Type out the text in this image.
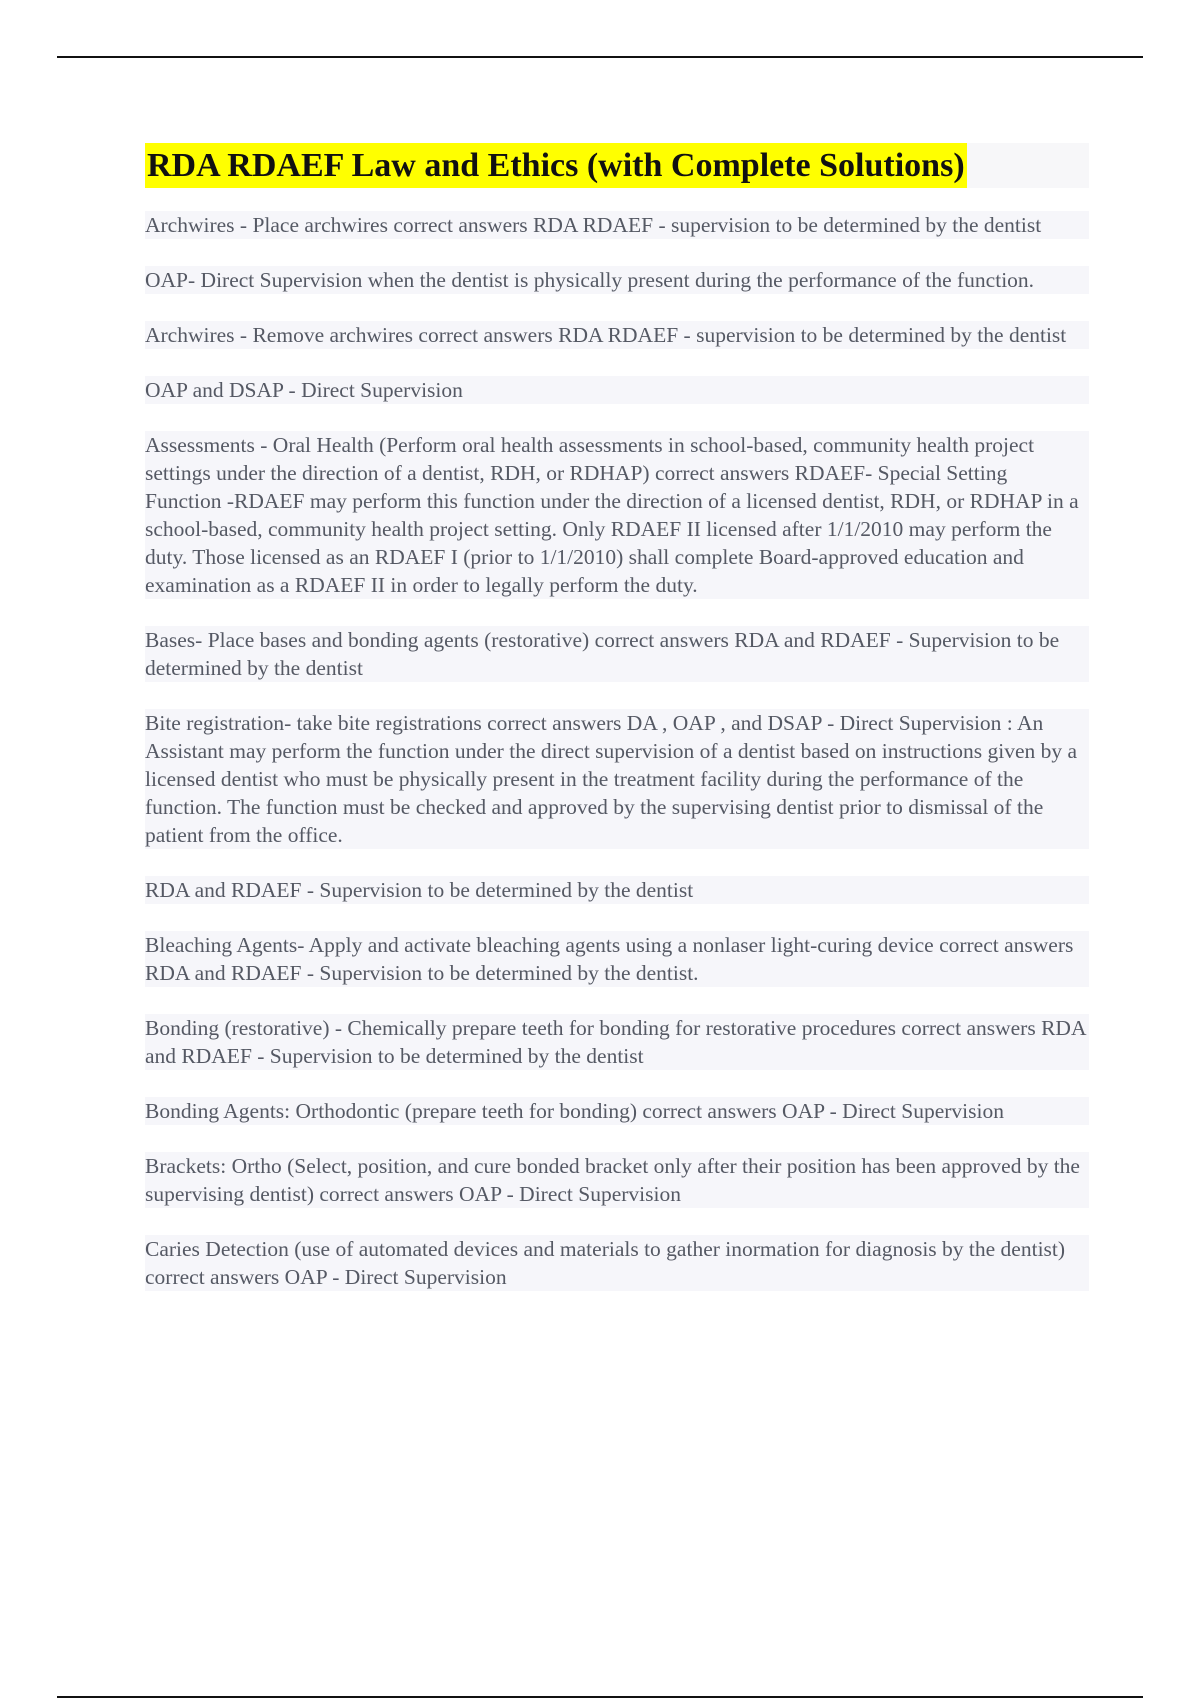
RDA RDAEF Law and Ethics (with Complete Solutions)

Archwires - Place archwires correct answers RDA RDAEF - supervision to be determined by the dentist

OAP- Direct Supervision when the dentist is physically present during the performance of the function.

Archwires - Remove archwires correct answers RDA RDAEF - supervision to be determined by the dentist

OAP and DSAP - Direct Supervision

Assessments - Oral Health (Perform oral health assessments in school-based, community health project settings under the direction of a dentist, RDH, or RDHAP) correct answers RDAEF- Special Setting Function -RDAEF may perform this function under the direction of a licensed dentist, RDH, or RDHAP in a school-based, community health project setting. Only RDAEF II licensed after 1/1/2010 may perform the duty. Those licensed as an RDAEF I (prior to 1/1/2010) shall complete Board-approved education and examination as a RDAEF II in order to legally perform the duty.

Bases- Place bases and bonding agents (restorative) correct answers RDA and RDAEF - Supervision to be determined by the dentist

Bite registration- take bite registrations correct answers DA , OAP , and DSAP - Direct Supervision : An Assistant may perform the function under the direct supervision of a dentist based on instructions given by a licensed dentist who must be physically present in the treatment facility during the performance of the function. The function must be checked and approved by the supervising dentist prior to dismissal of the patient from the office.

RDA and RDAEF - Supervision to be determined by the dentist

Bleaching Agents- Apply and activate bleaching agents using a nonlaser light-curing device correct answers RDA and RDAEF - Supervision to be determined by the dentist.

Bonding (restorative) - Chemically prepare teeth for bonding for restorative procedures correct answers RDA and RDAEF - Supervision to be determined by the dentist

Bonding Agents: Orthodontic (prepare teeth for bonding) correct answers OAP - Direct Supervision

Brackets: Ortho (Select, position, and cure bonded bracket only after their position has been approved by the supervising dentist) correct answers OAP - Direct Supervision

Caries Detection (use of automated devices and materials to gather inormation for diagnosis by the dentist) correct answers OAP - Direct Supervision
